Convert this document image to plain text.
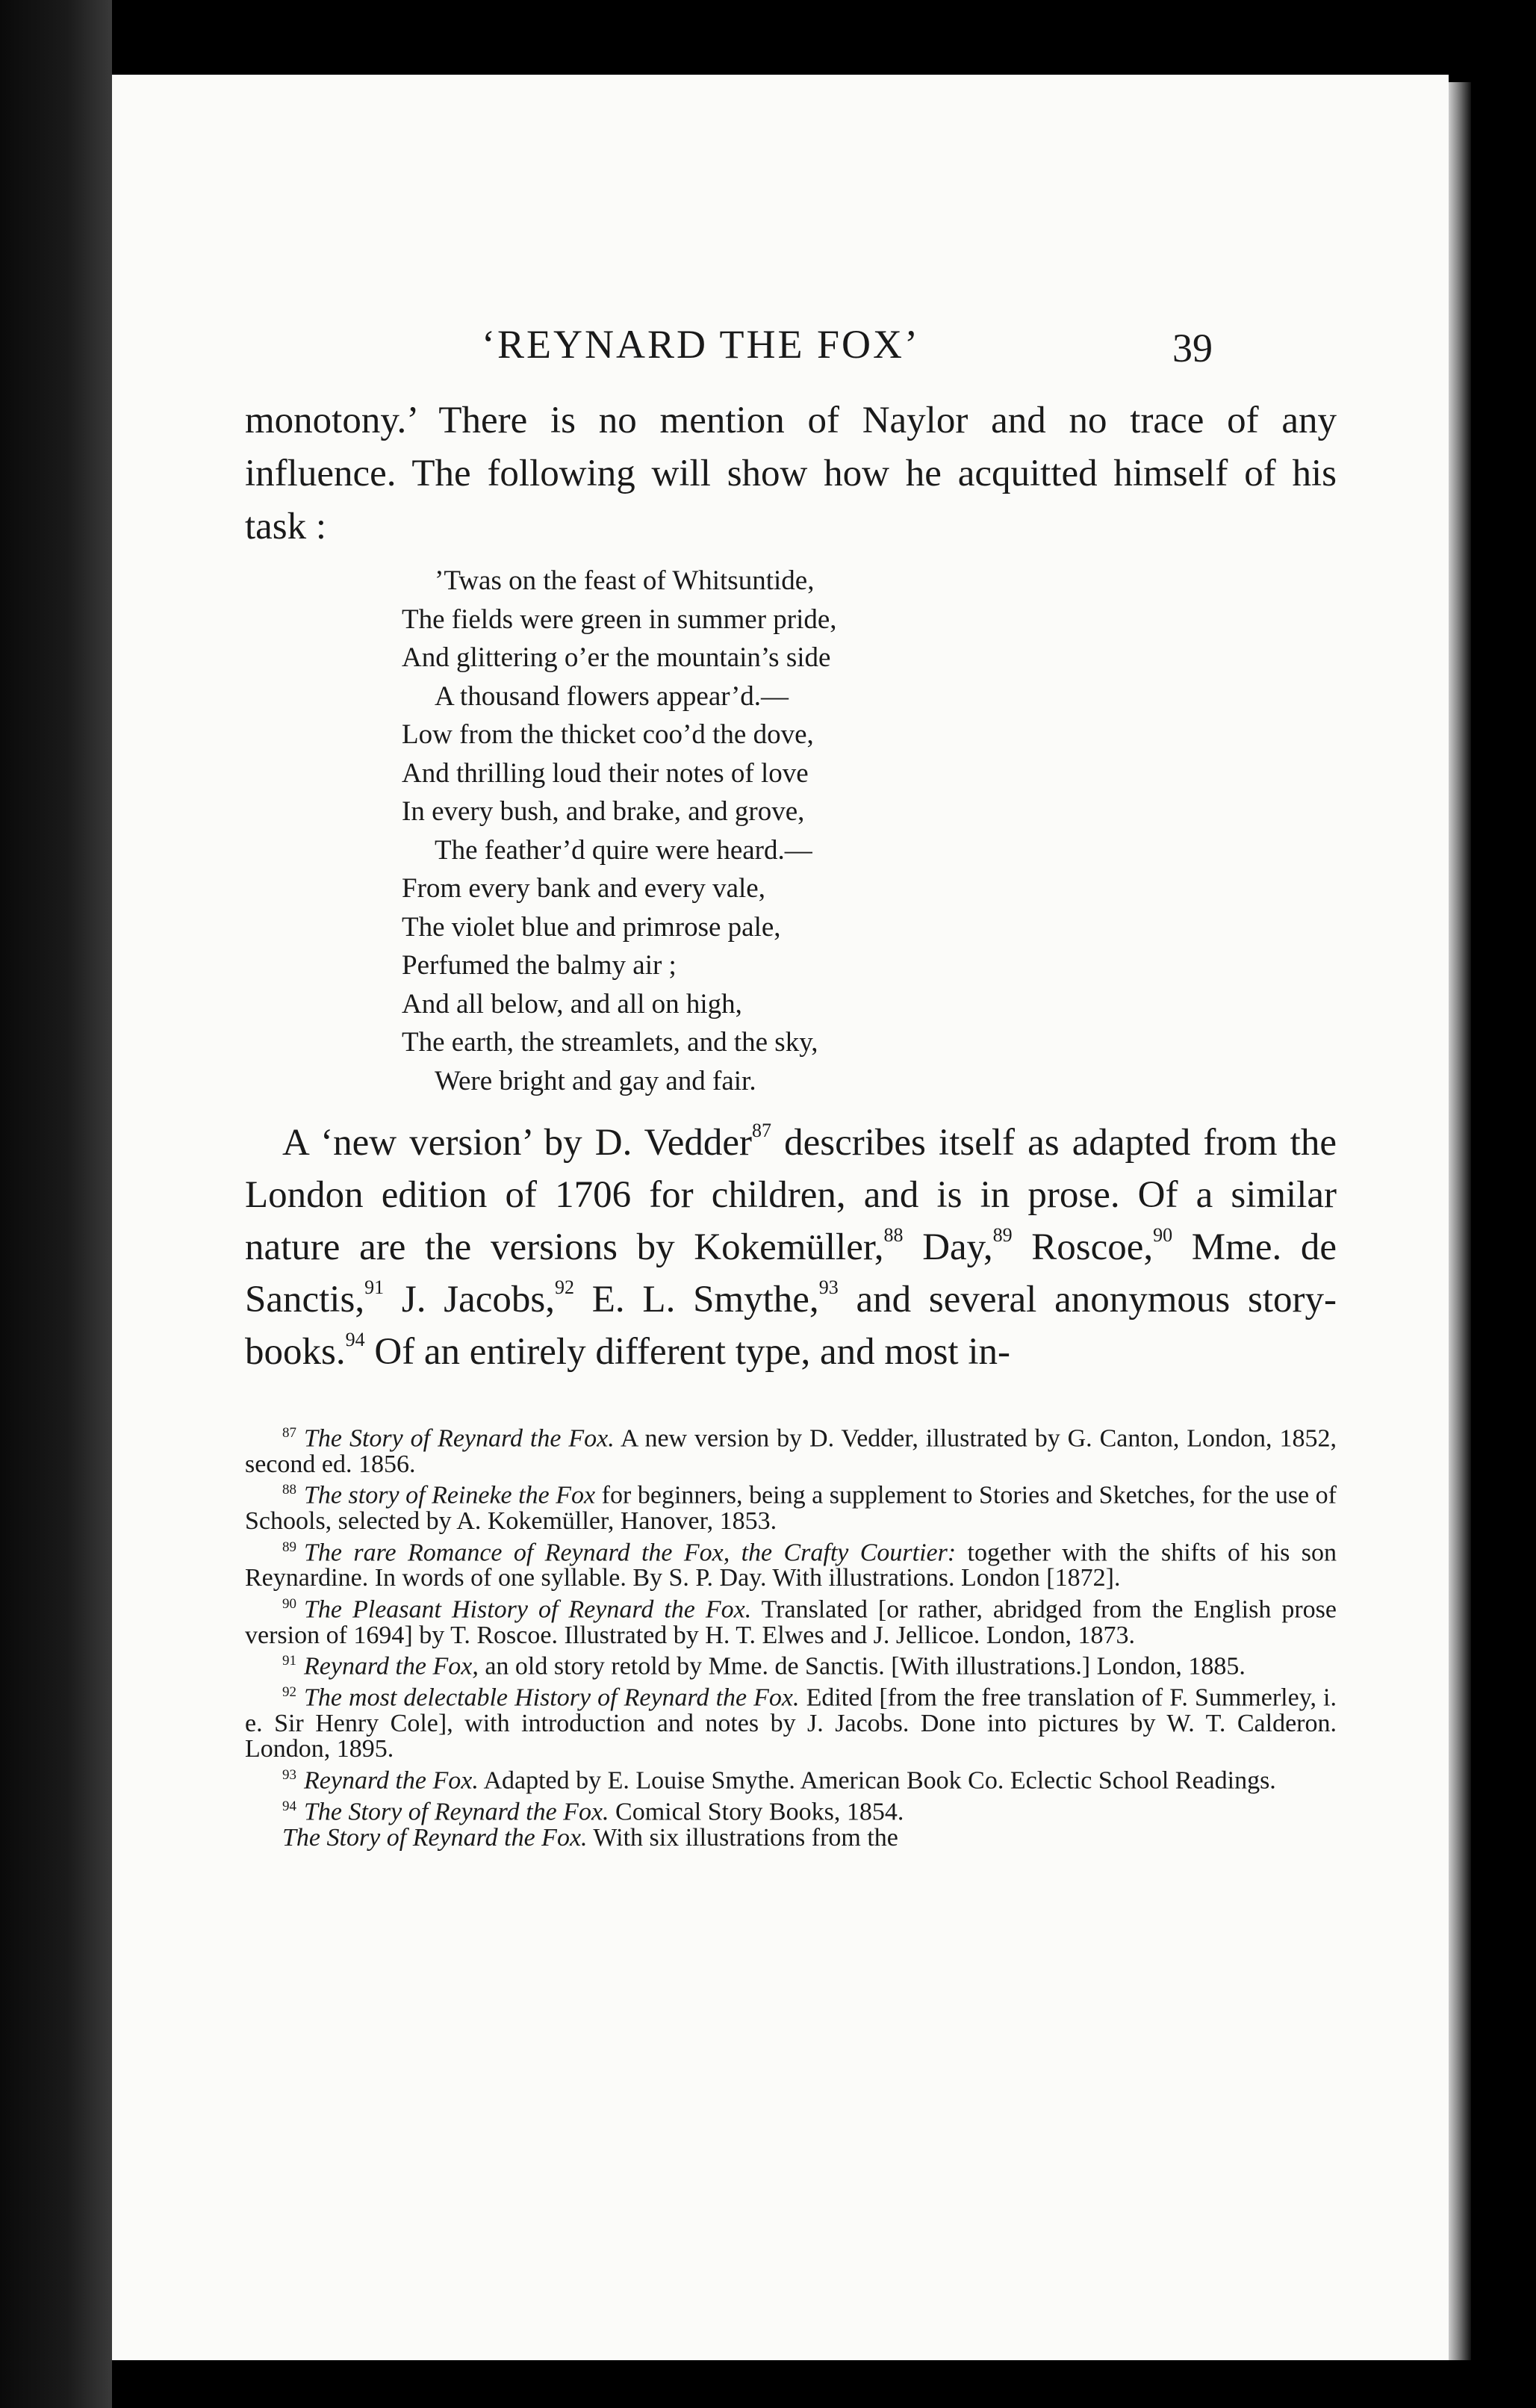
‘REYNARD THE FOX’	39

monotony.’ There is no mention of Naylor and no trace of any influence. The following will show how he acquitted himself of his task :

’Twas on the feast of Whitsuntide,
The fields were green in summer pride,
And glittering o’er the mountain’s side
A thousand flowers appear’d.—
Low from the thicket coo’d the dove,
And thrilling loud their notes of love
In every bush, and brake, and grove,
The feather’d quire were heard.—
From every bank and every vale,
The violet blue and primrose pale,
Perfumed the balmy air ;
And all below, and all on high,
The earth, the streamlets, and the sky,
Were bright and gay and fair.

A ‘new version’ by D. Vedder$^{87}$ describes itself as adapted from the London edition of 1706 for children, and is in prose. Of a similar nature are the versions by Kokemüller,$^{88}$ Day,$^{89}$ Roscoe,$^{90}$ Mme. de Sanctis,$^{91}$ J. Jacobs,$^{92}$ E. L. Smythe,$^{93}$ and several anonymous story-books.$^{94}$ Of an entirely different type, and most in-

$^{87}$ The Story of Reynard the Fox. A new version by D. Vedder, illustrated by G. Canton, London, 1852, second ed. 1856.

$^{88}$ The story of Reineke the Fox for beginners, being a supplement to Stories and Sketches, for the use of Schools, selected by A. Kokemüller, Hanover, 1853.

$^{89}$ The rare Romance of Reynard the Fox, the Crafty Courtier: together with the shifts of his son Reynardine. In words of one syllable. By S. P. Day. With illustrations. London [1872].

$^{90}$ The Pleasant History of Reynard the Fox. Translated [or rather, abridged from the English prose version of 1694] by T. Roscoe. Illustrated by H. T. Elwes and J. Jellicoe. London, 1873.

$^{91}$ Reynard the Fox, an old story retold by Mme. de Sanctis. [With illustrations.] London, 1885.

$^{92}$ The most delectable History of Reynard the Fox. Edited [from the free translation of F. Summerley, i. e. Sir Henry Cole], with introduction and notes by J. Jacobs. Done into pictures by W. T. Calderon. London, 1895.

$^{93}$ Reynard the Fox. Adapted by E. Louise Smythe. American Book Co. Eclectic School Readings.

$^{94}$ The Story of Reynard the Fox. Comical Story Books, 1854.

The Story of Reynard the Fox. With six illustrations from the
